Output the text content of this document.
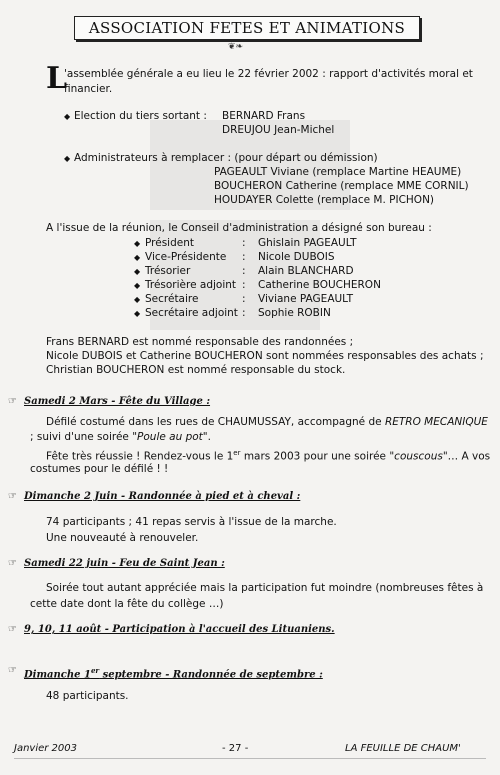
ASSOCIATION FETES ET ANIMATIONS
❦❧
L
'assemblée générale a eu lieu le 22 février 2002 : rapport d'activités moral et
financier.
◆ Election du tiers sortant : BERNARD Frans
DREUJOU Jean-Michel
◆ Administrateurs à remplacer : (pour départ ou démission)
PAGEAULT Viviane (remplace Martine HEAUME)
BOUCHERON Catherine (remplace MME CORNIL)
HOUDAYER Colette (remplace M. PICHON)
A l'issue de la réunion, le Conseil d'administration a désigné son bureau :
◆ Président	: Ghislain PAGEAULT
◆ Vice-Présidente : Nicole DUBOIS
◆ Trésorier	: Alain BLANCHARD
◆ Trésorière adjoint : Catherine BOUCHERON
◆ Secrétaire	: Viviane PAGEAULT
◆ Secrétaire adjoint : Sophie ROBIN
Frans BERNARD est nommé responsable des randonnées ;
Nicole DUBOIS et Catherine BOUCHERON sont nommées responsables des achats ;
Christian BOUCHERON est nommé responsable du stock.
☞ Samedi 2 Mars - Fête du Village :
Défilé costumé dans les rues de CHAUMUSSAY, accompagné de RETRO MECANIQUE
; suivi d'une soirée "Poule au pot".
Fête très réussie ! Rendez-vous le 1er mars 2003 pour une soirée "couscous"… A vos
costumes pour le défilé ! !
☞ Dimanche 2 Juin - Randonnée à pied et à cheval :
74 participants ; 41 repas servis à l'issue de la marche.
Une nouveauté à renouveler.
☞ Samedi 22 juin - Feu de Saint Jean :
Soirée tout autant appréciée mais la participation fut moindre (nombreuses fêtes à
cette date dont la fête du collège …)
☞ 9, 10, 11 août - Participation à l'accueil des Lituaniens.
☞ Dimanche 1er septembre - Randonnée de septembre :
48 participants.
Janvier 2003	- 27 -	LA FEUILLE DE CHAUM'
